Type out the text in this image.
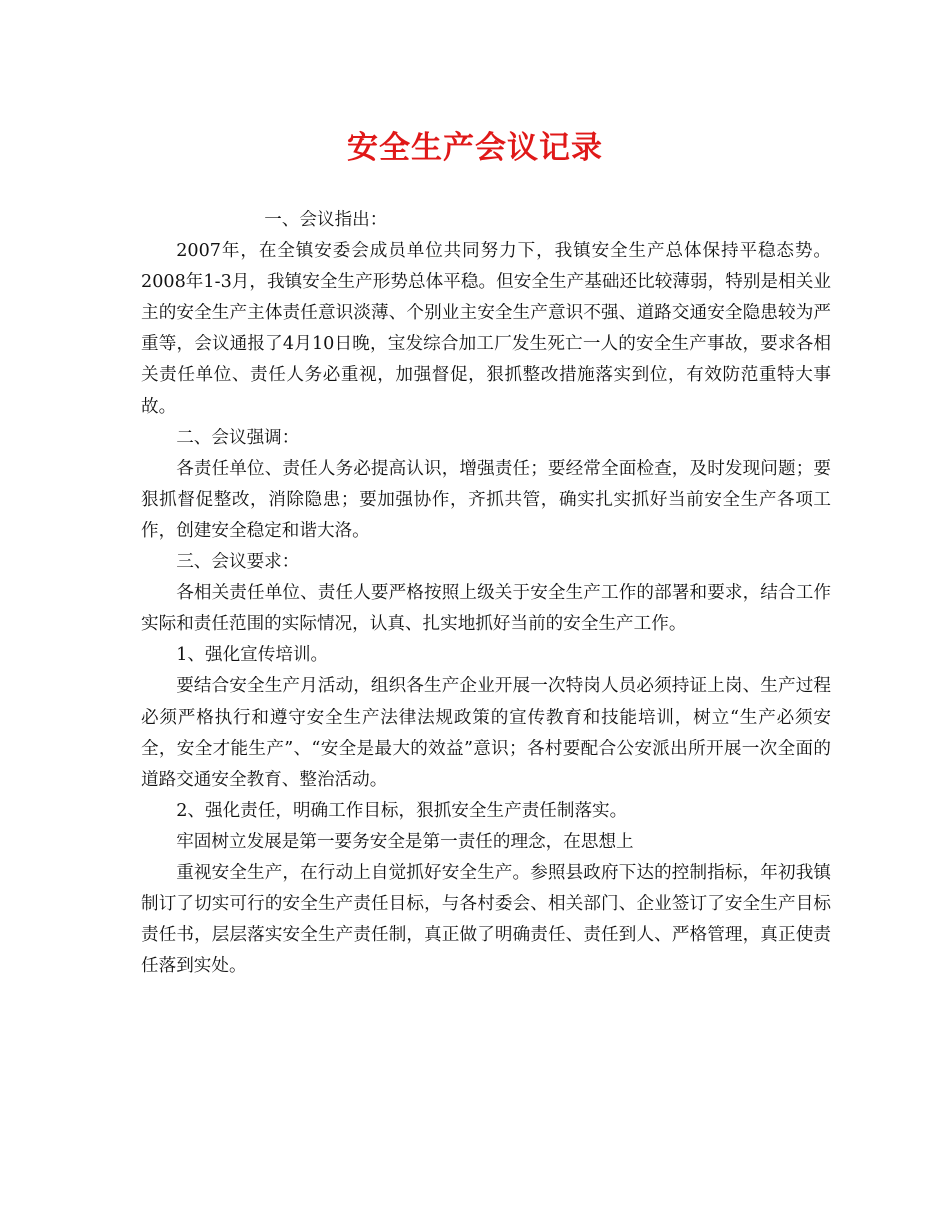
安全生产会议记录

一、会议指出：

2007年，在全镇安委会成员单位共同努力下，我镇安全生产总体保持平稳态势。2008年1-3月，我镇安全生产形势总体平稳。但安全生产基础还比较薄弱，特别是相关业主的安全生产主体责任意识淡薄、个别业主安全生产意识不强、道路交通安全隐患较为严重等，会议通报了4月10日晚，宝发综合加工厂发生死亡一人的安全生产事故，要求各相关责任单位、责任人务必重视，加强督促，狠抓整改措施落实到位，有效防范重特大事故。

二、会议强调：

各责任单位、责任人务必提高认识，增强责任；要经常全面检查，及时发现问题；要狠抓督促整改，消除隐患；要加强协作，齐抓共管，确实扎实抓好当前安全生产各项工作，创建安全稳定和谐大洛。

三、会议要求：

各相关责任单位、责任人要严格按照上级关于安全生产工作的部署和要求，结合工作实际和责任范围的实际情况，认真、扎实地抓好当前的安全生产工作。

1、强化宣传培训。

要结合安全生产月活动，组织各生产企业开展一次特岗人员必须持证上岗、生产过程必须严格执行和遵守安全生产法律法规政策的宣传教育和技能培训，树立“生产必须安全，安全才能生产”、“安全是最大的效益”意识；各村要配合公安派出所开展一次全面的道路交通安全教育、整治活动。

2、强化责任，明确工作目标，狠抓安全生产责任制落实。

牢固树立发展是第一要务安全是第一责任的理念，在思想上

重视安全生产，在行动上自觉抓好安全生产。参照县政府下达的控制指标，年初我镇制订了切实可行的安全生产责任目标，与各村委会、相关部门、企业签订了安全生产目标责任书，层层落实安全生产责任制，真正做了明确责任、责任到人、严格管理，真正使责任落到实处。
